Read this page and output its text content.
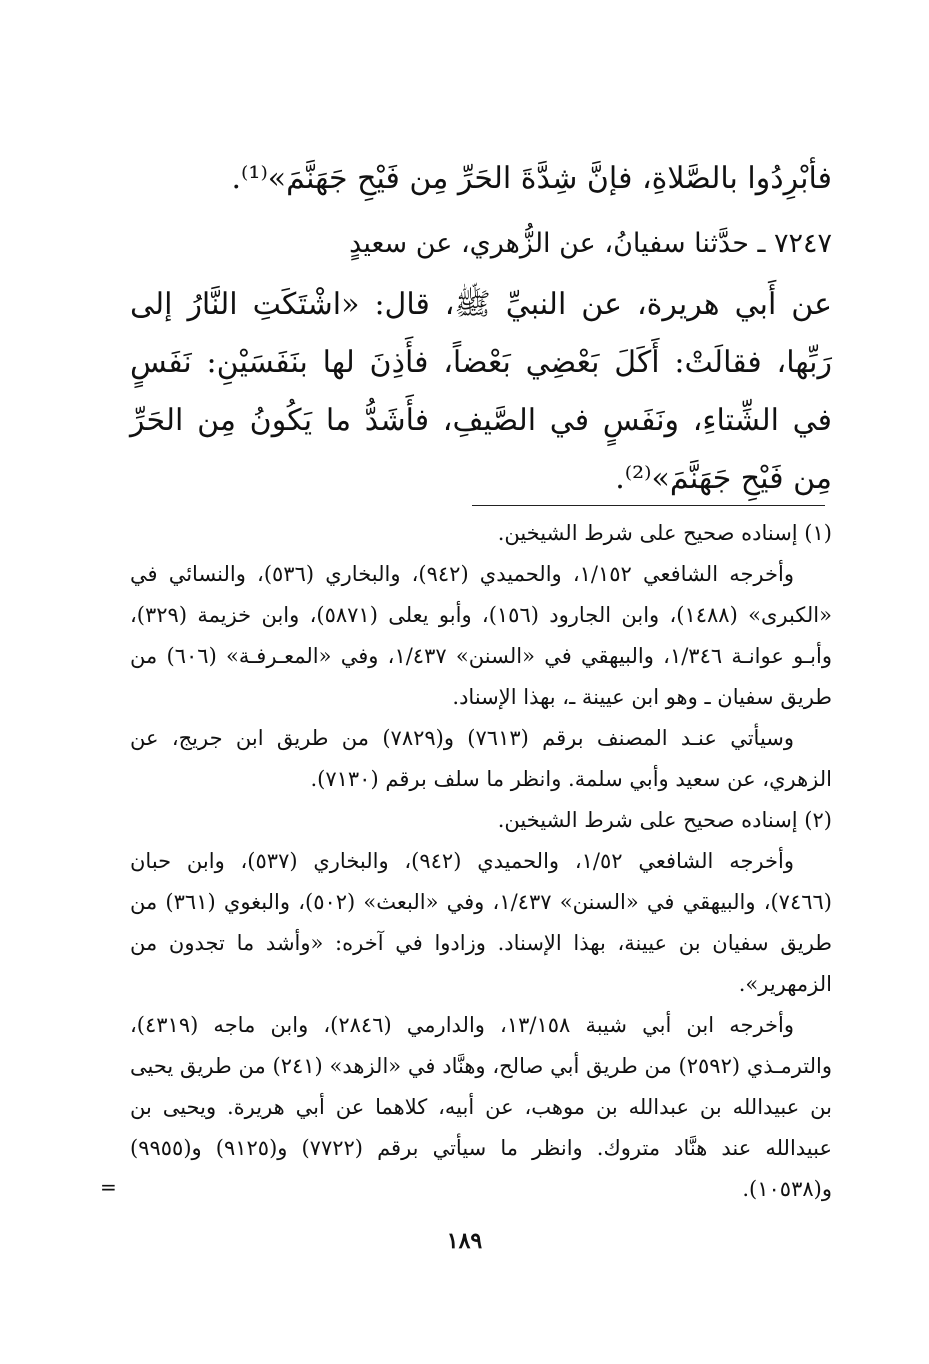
فأبْرِدُوا بالصَّلاةِ، فإنَّ شِدَّةَ الحَرِّ مِن فَيْحِ جَهَنَّمَ»⁽¹⁾.
٧٢٤٧ ـ حدَّثنا سفيانُ، عن الزُّهري، عن سعيدٍ
عن أَبي هريرة، عن النبيِّ ﷺ، قال: «اشْتَكَتِ النَّارُ إلى رَبِّها، فقالَتْ: أَكَلَ بَعْضِي بَعْضاً، فأَذِنَ لها بنَفَسَيْنِ: نَفَسٍ في الشِّتاءِ، ونَفَسٍ في الصَّيفِ، فأَشَدُّ ما يَكُونُ مِن الحَرِّ مِن فَيْحِ جَهَنَّمَ»⁽²⁾.

(١) إسناده صحيح على شرط الشيخين.

وأخرجه الشافعي ١/١٥٢، والحميدي (٩٤٢)، والبخاري (٥٣٦)، والنسائي في «الكبرى» (١٤٨٨)، وابن الجارود (١٥٦)، وأبو يعلى (٥٨٧١)، وابن خزيمة (٣٢٩)، وأبـو عوانـة ١/٣٤٦، والبيهقي في «السنن» ١/٤٣٧، وفي «المعـرفـة» (٦٠٦) من طريق سفيان ـ وهو ابن عيينة ـ، بهذا الإسناد.

وسيأتي عنـد المصنف برقم (٧٦١٣) و(٧٨٢٩) من طريق ابن جريج، عن الزهري، عن سعيد وأبي سلمة. وانظر ما سلف برقم (٧١٣٠).

(٢) إسناده صحيح على شرط الشيخين.

وأخرجه الشافعي ١/٥٢، والحميدي (٩٤٢)، والبخاري (٥٣٧)، وابن حبان (٧٤٦٦)، والبيهقي في «السنن» ١/٤٣٧، وفي «البعث» (٥٠٢)، والبغوي (٣٦١) من طريق سفيان بن عيينة، بهذا الإسناد. وزادوا في آخره: «وأشد ما تجدون من الزمهرير».

وأخرجه ابن أبي شيبة ١٣/١٥٨، والدارمي (٢٨٤٦)، وابن ماجه (٤٣١٩)، والترمـذي (٢٥٩٢) من طريق أبي صالح، وهنَّاد في «الزهد» (٢٤١) من طريق يحيى بن عبيدالله بن عبدالله بن موهب، عن أبيه، كلاهما عن أبي هريرة. ويحيى بن عبيدالله عند هنَّاد متروك. وانظر ما سيأتي برقم (٧٧٢٢) و(٩١٢٥) و(٩٩٥٥) و(١٠٥٣٨).

=
١٨٩
